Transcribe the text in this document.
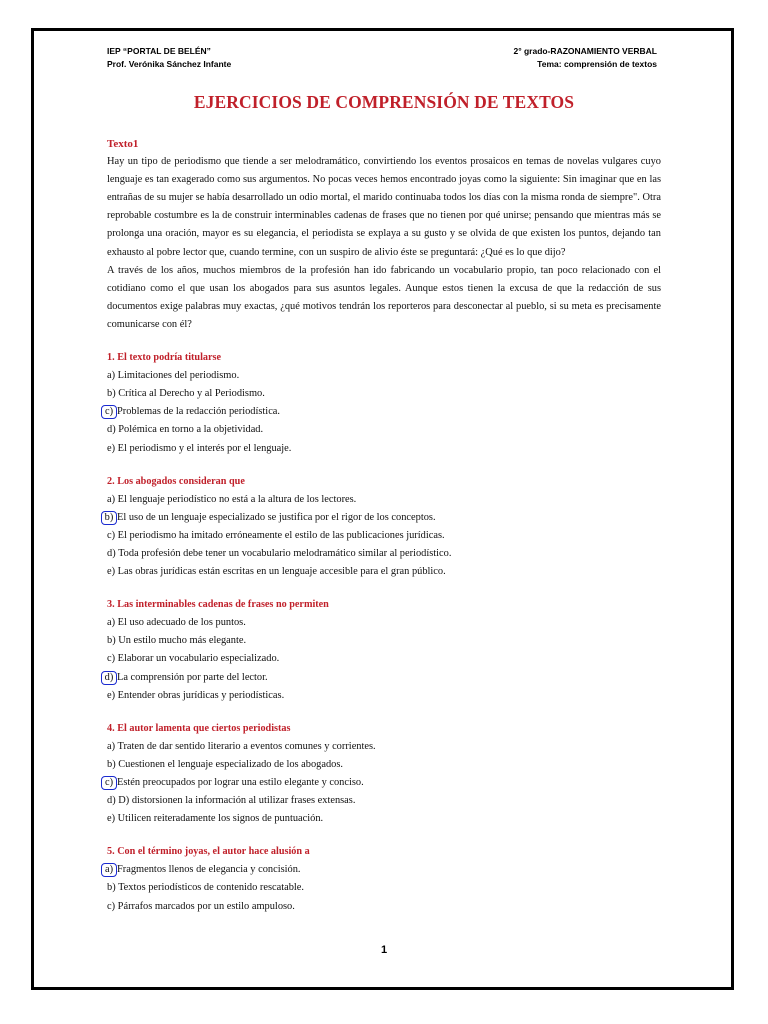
IEP “PORTAL DE BELÉN”
Prof. Verónika Sánchez Infante
2° grado-RAZONAMIENTO VERBAL
Tema: comprensión de textos
EJERCICIOS DE COMPRENSIÓN DE TEXTOS
Texto1

Hay un tipo de periodismo que tiende a ser melodramático, convirtiendo los eventos prosaicos en temas de novelas vulgares cuyo lenguaje es tan exagerado como sus argumentos. No pocas veces hemos encontrado joyas como la siguiente: Sin imaginar que en las entrañas de su mujer se había desarrollado un odio mortal, el marido continuaba todos los días con la misma ronda de siempre". Otra reprobable costumbre es la de construir interminables cadenas de frases que no tienen por qué unirse; pensando que mientras más se prolonga una oración, mayor es su elegancia, el periodista se explaya a su gusto y se olvida de que existen los puntos, dejando tan exhausto al pobre lector que, cuando termine, con un suspiro de alivio éste se preguntará: ¿Qué es lo que dijo?

A través de los años, muchos miembros de la profesión han ido fabricando un vocabulario propio, tan poco relacionado con el cotidiano como el que usan los abogados para sus asuntos legales. Aunque estos tienen la excusa de que la redacción de sus documentos exige palabras muy exactas, ¿qué motivos tendrán los reporteros para desconectar al pueblo, si su meta es precisamente comunicarse con él?

1. El texto podría titularse
a) Limitaciones del periodismo.
b) Crítica al Derecho y al Periodismo.
c) Problemas de la redacción periodística.
d) Polémica en torno a la objetividad.
e) El periodismo y el interés por el lenguaje.
2. Los abogados consideran que
a) El lenguaje periodístico no está a la altura de los lectores.
b) El uso de un lenguaje especializado se justifica por el rigor de los conceptos.
c) El periodismo ha imitado erróneamente el estilo de las publicaciones jurídicas.
d) Toda profesión debe tener un vocabulario melodramático similar al periodístico.
e) Las obras jurídicas están escritas en un lenguaje accesible para el gran público.
3. Las interminables cadenas de frases no permiten
a) El uso adecuado de los puntos.
b) Un estilo mucho más elegante.
c) Elaborar un vocabulario especializado.
d) La comprensión por parte del lector.
e) Entender obras jurídicas y periodísticas.
4. El autor lamenta que ciertos periodistas
a) Traten de dar sentido literario a eventos comunes y corrientes.
b) Cuestionen el lenguaje especializado de los abogados.
c) Estén preocupados por lograr una estilo elegante y conciso.
d) D) distorsionen la información al utilizar frases extensas.
e) Utilicen reiteradamente los signos de puntuación.
5. Con el término joyas, el autor hace alusión a
a) Fragmentos llenos de elegancia y concisión.
b) Textos periodísticos de contenido rescatable.
c) Párrafos marcados por un estilo ampuloso.
1
